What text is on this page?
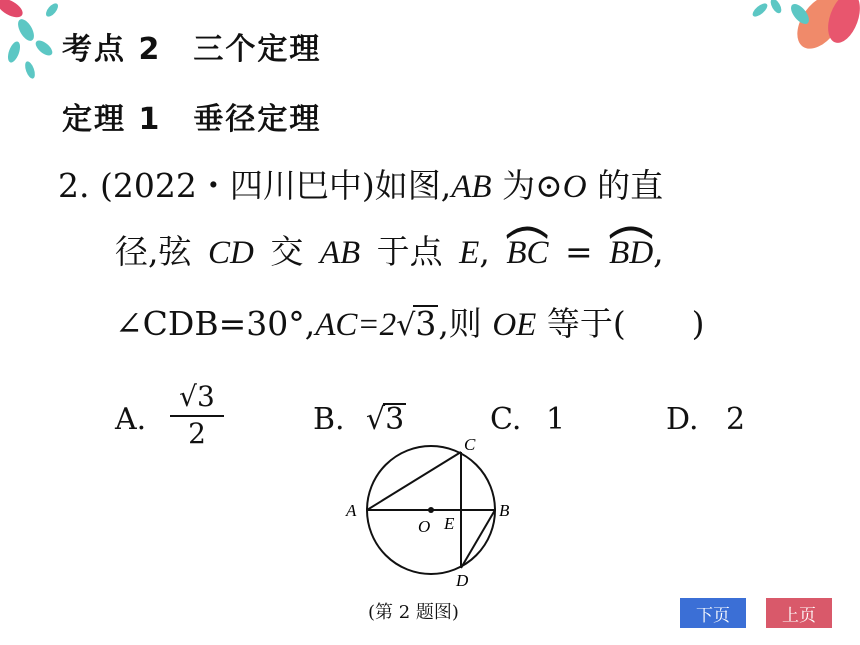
考点 2　三个定理
定理 1　垂径定理
2. (2022・四川巴中)如图,AB 为⊙O 的直
径,弦 CD 交 AB 于点 E, BC = BD,
∠CDB=30°,AC=2√3,则 OE 等于(　　)
A. $\frac{√3}{2}$	B. √3	C. 1	D. 2
A	B
C
D
E
O
(第 2 题图)	下页	上页
